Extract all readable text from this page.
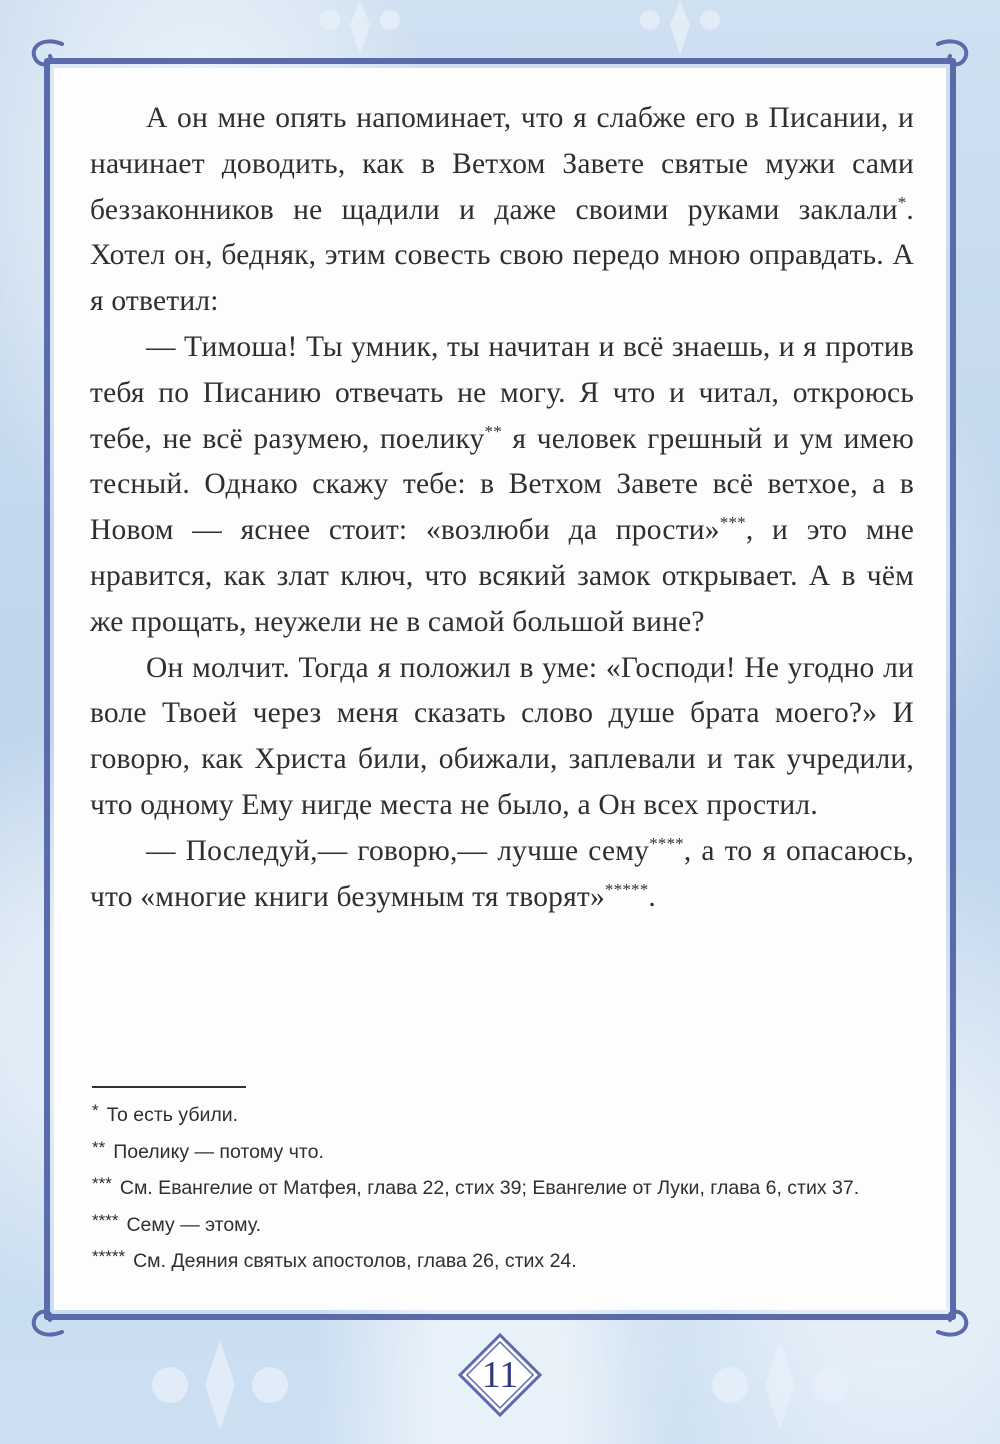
А он мне опять напоминает, что я слабже его в Писании, и начинает доводить, как в Ветхом Завете святые мужи сами беззаконников не щадили и даже своими руками заклали*. Хотел он, бедняк, этим совесть свою передо мною оправдать. А я ответил:

— Тимоша! Ты умник, ты начитан и всё знаешь, и я против тебя по Писанию отвечать не могу. Я что и читал, откроюсь тебе, не всё разумею, поелику** я человек грешный и ум имею тесный. Однако скажу тебе: в Ветхом Завете всё ветхое, а в Новом — яснее стоит: «возлюби да прости»***, и это мне нравится, как злат ключ, что всякий замок открывает. А в чём же прощать, неужели не в самой большой вине?

Он молчит. Тогда я положил в уме: «Господи! Не угодно ли воле Твоей через меня сказать слово душе брата моего?» И говорю, как Христа били, обижали, заплевали и так учредили, что одному Ему нигде места не было, а Он всех простил.

— Последуй,— говорю,— лучше сему****, а то я опасаюсь, что «многие книги безумным тя творят»*****.

* То есть убили.
** Поелику — потому что.
*** См. Евангелие от Матфея, глава 22, стих 39; Евангелие от Луки, глава 6, стих 37.
**** Сему — этому.
***** См. Деяния святых апостолов, глава 26, стих 24.
11
